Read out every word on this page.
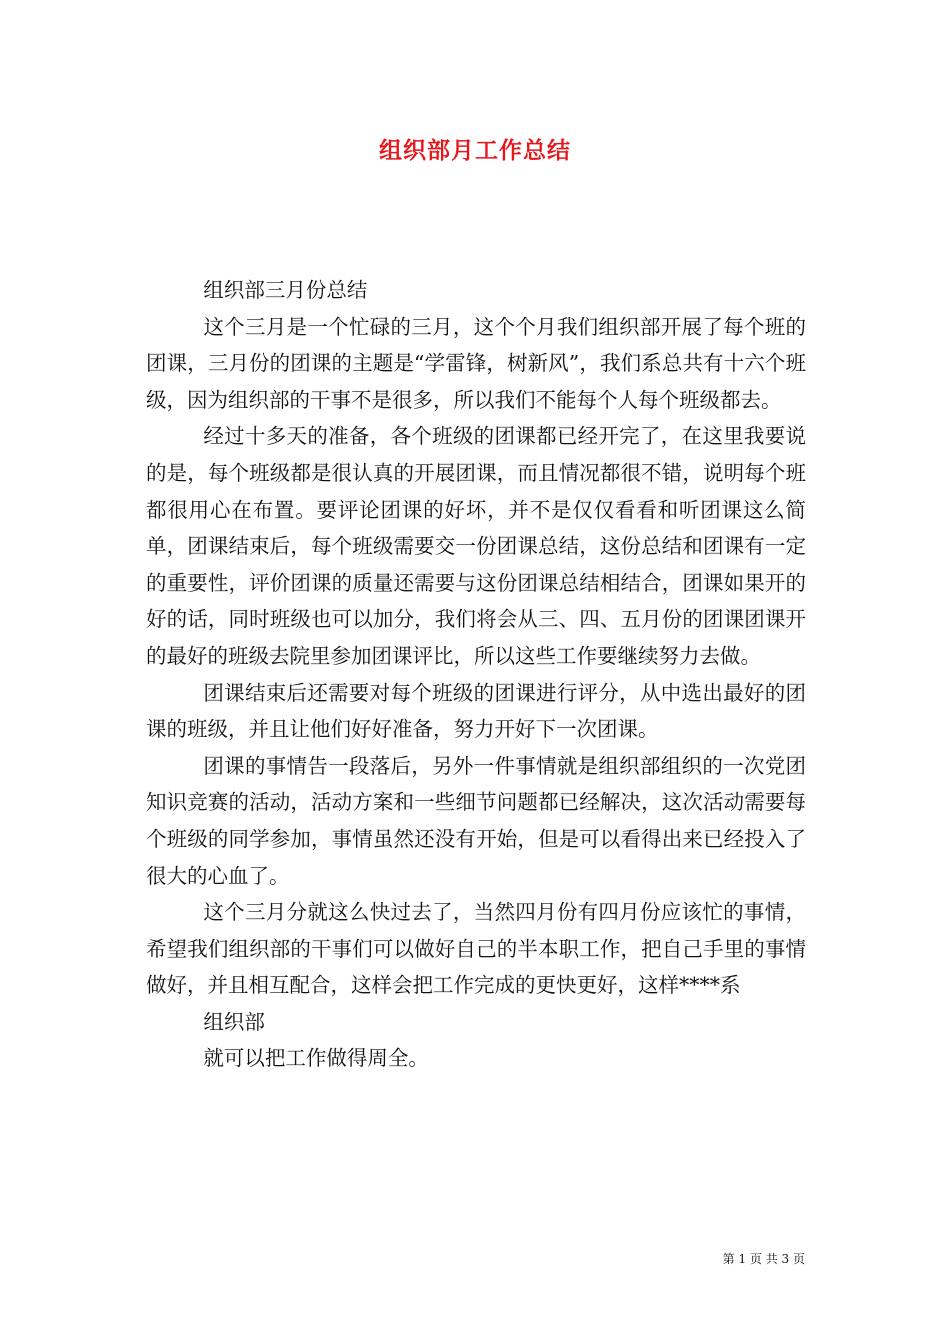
组织部月工作总结

组织部三月份总结

这个三月是一个忙碌的三月，这个个月我们组织部开展了每个班的团课，三月份的团课的主题是“学雷锋，树新风”，我们系总共有十六个班级，因为组织部的干事不是很多，所以我们不能每个人每个班级都去。

经过十多天的准备，各个班级的团课都已经开完了，在这里我要说的是，每个班级都是很认真的开展团课，而且情况都很不错，说明每个班都很用心在布置。要评论团课的好坏，并不是仅仅看看和听团课这么简单，团课结束后，每个班级需要交一份团课总结，这份总结和团课有一定的重要性，评价团课的质量还需要与这份团课总结相结合，团课如果开的好的话，同时班级也可以加分，我们将会从三、四、五月份的团课团课开的最好的班级去院里参加团课评比，所以这些工作要继续努力去做。

团课结束后还需要对每个班级的团课进行评分，从中选出最好的团课的班级，并且让他们好好准备，努力开好下一次团课。

团课的事情告一段落后，另外一件事情就是组织部组织的一次党团知识竞赛的活动，活动方案和一些细节问题都已经解决，这次活动需要每个班级的同学参加，事情虽然还没有开始，但是可以看得出来已经投入了很大的心血了。

这个三月分就这么快过去了，当然四月份有四月份应该忙的事情，希望我们组织部的干事们可以做好自己的半本职工作，把自己手里的事情做好，并且相互配合，这样会把工作完成的更快更好，这样****系

组织部

就可以把工作做得周全。

第 1 页 共 3 页
